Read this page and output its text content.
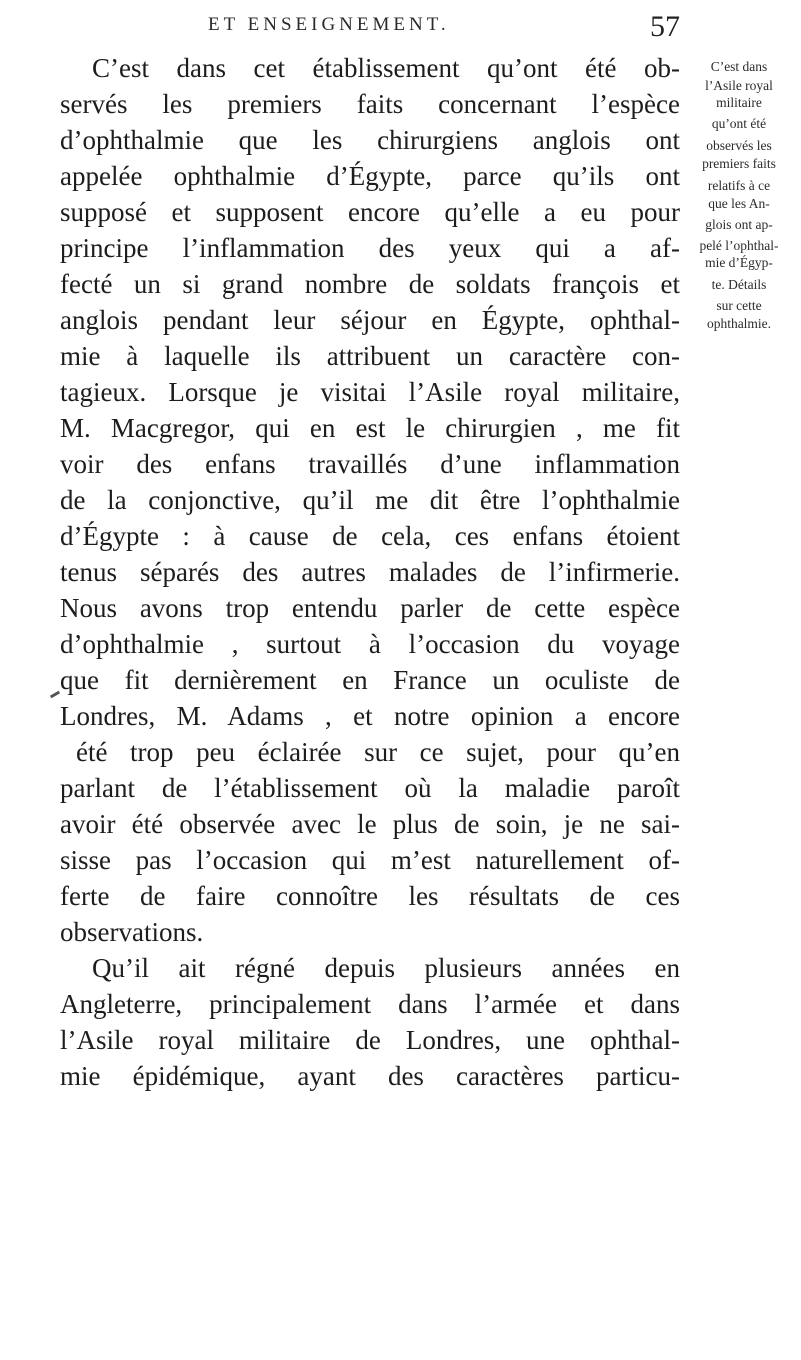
ET ENSEIGNEMENT.	57
C’est dans cet établissement qu’ont été ob-
servés les premiers faits concernant l’espèce
d’ophthalmie que les chirurgiens anglois ont
appelée ophthalmie d’Égypte, parce qu’ils ont
supposé et supposent encore qu’elle a eu pour
principe l’inflammation des yeux qui a af-
fecté un si grand nombre de soldats françois et
anglois pendant leur séjour en Égypte, ophthal-
mie à laquelle ils attribuent un caractère con-
tagieux. Lorsque je visitai l’Asile royal militaire,
M. Macgregor, qui en est le chirurgien , me fit
voir des enfans travaillés d’une inflammation
de la conjonctive, qu’il me dit être l’ophthalmie
d’Égypte : à cause de cela, ces enfans étoient
tenus séparés des autres malades de l’infirmerie.
Nous avons trop entendu parler de cette espèce
d’ophthalmie , surtout à l’occasion du voyage
que fit dernièrement en France un oculiste de
Londres, M. Adams , et notre opinion a encore
été trop peu éclairée sur ce sujet, pour qu’en
parlant de l’établissement où la maladie paroît
avoir été observée avec le plus de soin, je ne sai-
sisse pas l’occasion qui m’est naturellement of-
ferte de faire connoître les résultats de ces
observations.
Qu’il ait régné depuis plusieurs années en
Angleterre, principalement dans l’armée et dans
l’Asile royal militaire de Londres, une ophthal-
mie épidémique, ayant des caractères particu-
C’est dans
l’Asile royal
militaire
qu’ont été
observés les
premiers faits
relatifs à ce
que les An-
glois ont ap-
pelé l’ophthal-
mie d’Égyp-
te. Détails
sur cette
ophthalmie.
